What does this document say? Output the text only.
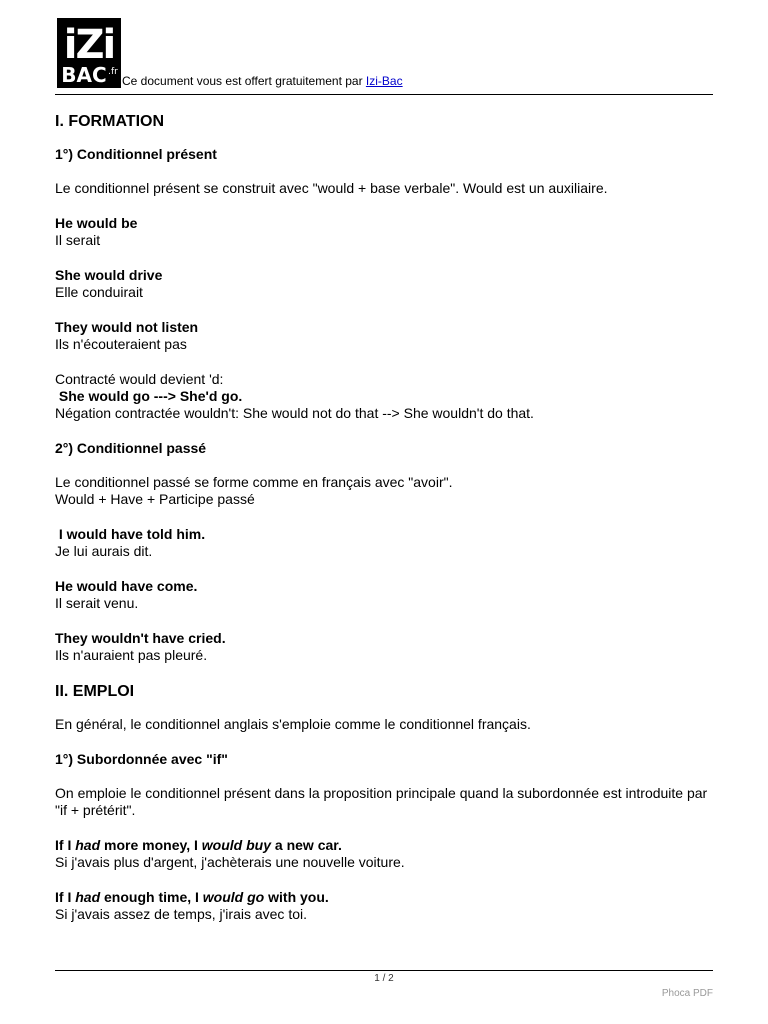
iZi
BAC .fr
Ce document vous est offert gratuitement par Izi-Bac
I. FORMATION
1°) Conditionnel présent

Le conditionnel présent se construit avec "would + base verbale". Would est un auxiliaire.

He would be

Il serait

She would drive

Elle conduirait

They would not listen

Ils n'écouteraient pas

Contracté would devient 'd:

She would go ---> She'd go.

Négation contractée wouldn't: She would not do that --> She wouldn't do that.

2°) Conditionnel passé

Le conditionnel passé se forme comme en français avec "avoir".

Would + Have + Participe passé

I would have told him.

Je lui aurais dit.

He would have come.

Il serait venu.

They wouldn't have cried.

Ils n'auraient pas pleuré.

II. EMPLOI

En général, le conditionnel anglais s'emploie comme le conditionnel français.

1°) Subordonnée avec "if"

On emploie le conditionnel présent dans la proposition principale quand la subordonnée est introduite par "if + prétérit".

If I had more money, I would buy a new car.

Si j'avais plus d'argent, j'achèterais une nouvelle voiture.

If I had enough time, I would go with you.

Si j'avais assez de temps, j'irais avec toi.

1 / 2
Phoca PDF
